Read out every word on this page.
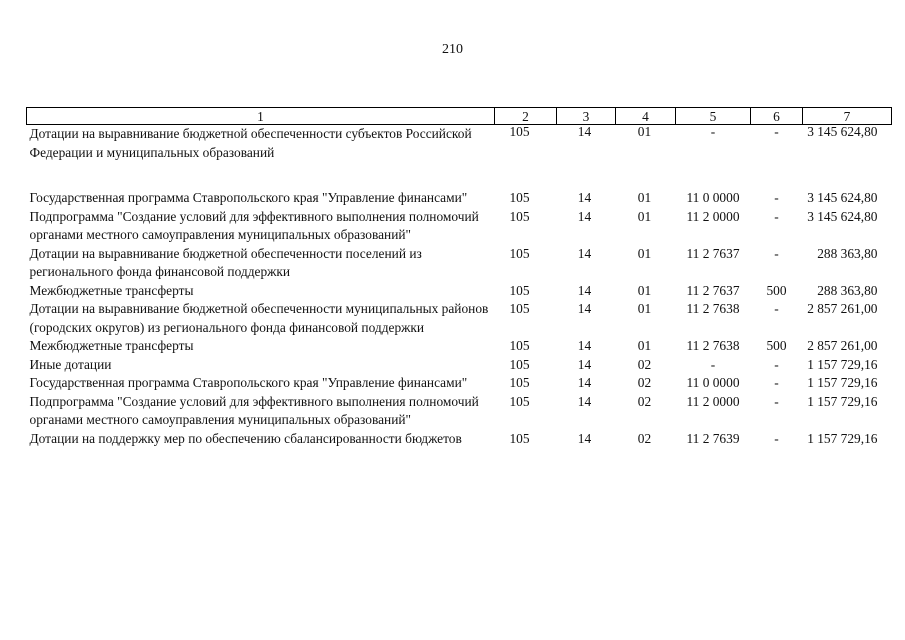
210
1	2	3	4	5	6	7
Дотации на выравнивание бюджетной обеспеченности субъектов Российской Федерации и муниципальных образований	105	14	01	-	-	3 145 624,80
Государственная программа Ставропольского края "Управление финансами"	105	14	01	11 0 0000	-	3 145 624,80
Подпрограмма "Создание условий для эффективного выполнения полномочий органами местного самоуправления муниципальных образований"	105	14	01	11 2 0000	-	3 145 624,80
Дотации на выравнивание бюджетной обеспеченности поселений из регионального фонда финансовой поддержки	105	14	01	11 2 7637	-	288 363,80
Межбюджетные трансферты	105	14	01	11 2 7637	500	288 363,80
Дотации на выравнивание бюджетной обеспеченности муниципальных районов (городских округов) из регионального фонда финансовой поддержки	105	14	01	11 2 7638	-	2 857 261,00
Межбюджетные трансферты	105	14	01	11 2 7638	500	2 857 261,00
Иные дотации	105	14	02	-	-	1 157 729,16
Государственная программа Ставропольского края "Управление финансами"	105	14	02	11 0 0000	-	1 157 729,16
Подпрограмма "Создание условий для эффективного выполнения полномочий органами местного самоуправления муниципальных образований"	105	14	02	11 2 0000	-	1 157 729,16
Дотации на поддержку мер по обеспечению сбалансированности бюджетов	105	14	02	11 2 7639	-	1 157 729,16
